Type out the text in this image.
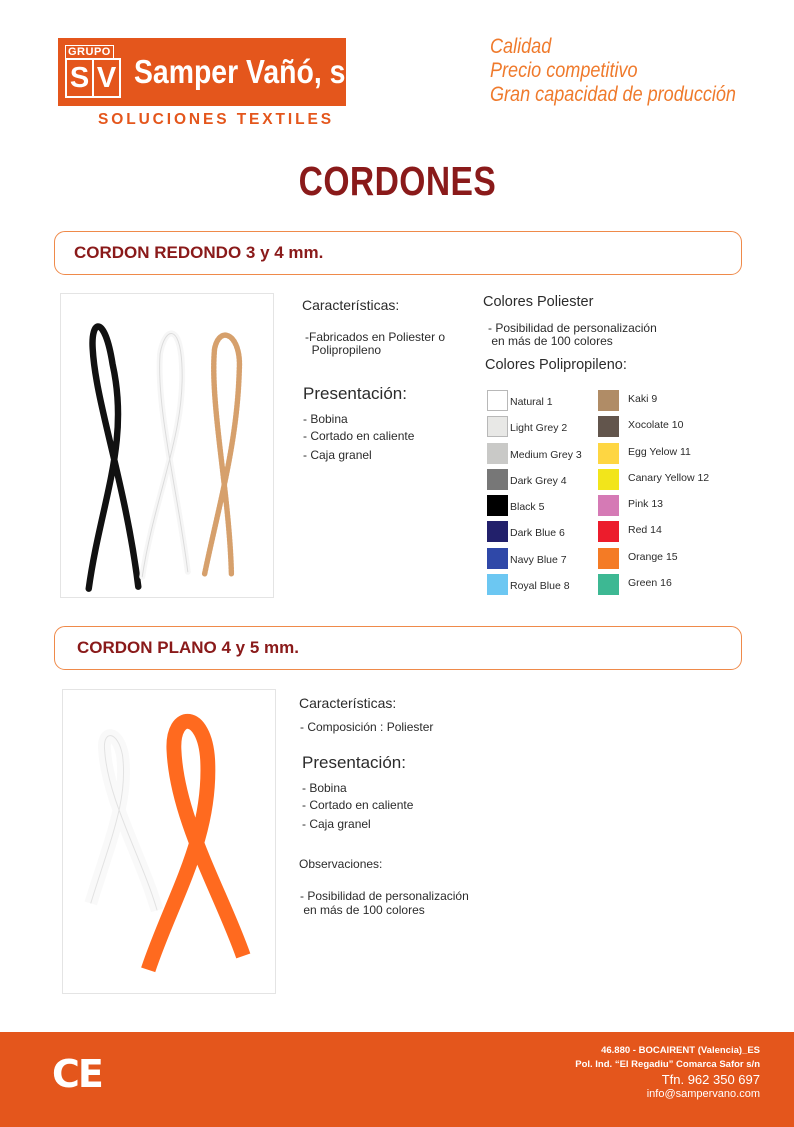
GRUPO
S V Samper Vañó, s.l.
SOLUCIONES TEXTILES
Calidad
Precio competitivo
Gran capacidad de producción
CORDONES
CORDON REDONDO 3 y 4 mm.
Características:
-Fabricados en Poliester o
Polipropileno
Presentación:
- Bobina
- Cortado en caliente
- Caja granel
Colores Poliester
- Posibilidad de personalización
en más de 100 colores
Colores Polipropileno:
Natural 1
Light Grey 2
Medium Grey 3
Dark Grey 4
Black 5
Dark Blue 6
Navy Blue 7
Royal Blue 8
Kaki 9
Xocolate 10
Egg Yelow 11
Canary Yellow 12
Pink 13
Red 14
Orange 15
Green 16
CORDON PLANO 4 y 5 mm.
Características:
- Composición : Poliester
Presentación:
- Bobina
- Cortado en caliente
- Caja granel
Observaciones:
- Posibilidad de personalización
en más de 100 colores
CE
46.880 - BOCAIRENT (Valencia)_ES
Pol. Ind. “El Regadiu” Comarca Safor s/n
Tfn. 962 350 697
info@sampervano.com
